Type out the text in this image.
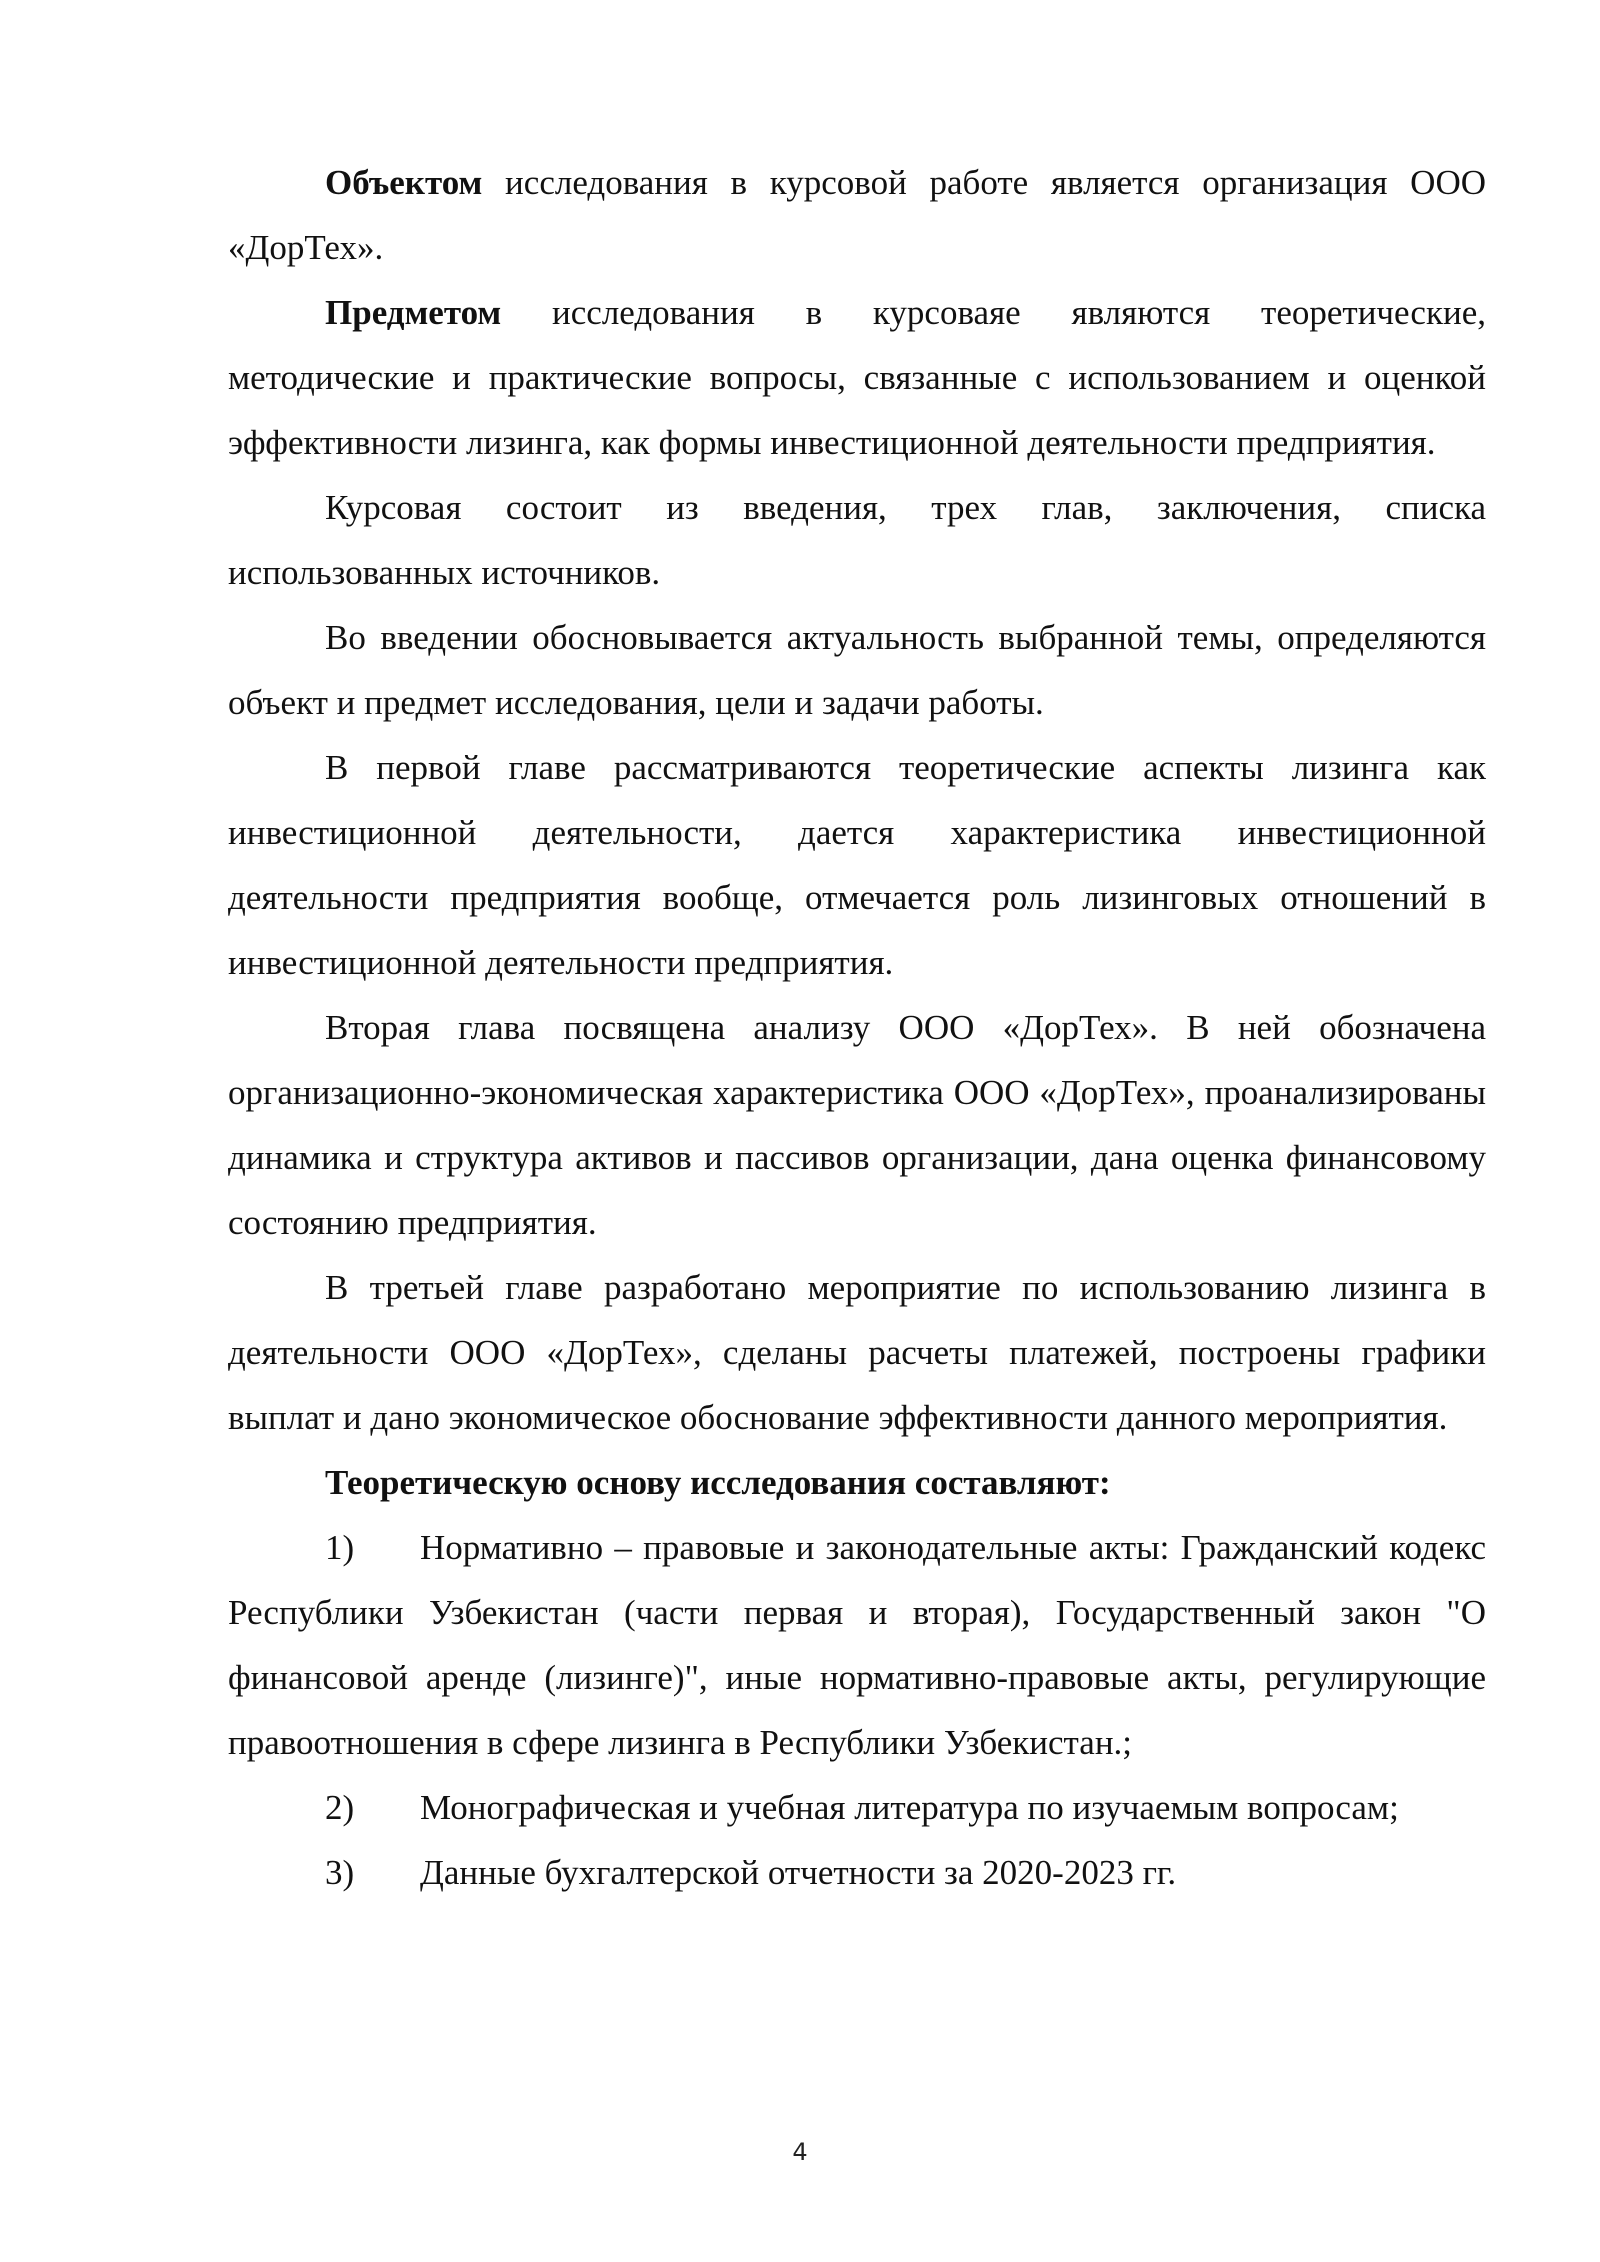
Объектом исследования в курсовой работе является организация ООО «ДорТех».

Предметом исследования в курсоваяе являются теоретические, методические и практические вопросы, связанные с использованием и оценкой эффективности лизинга, как формы инвестиционной деятельности предприятия.

Курсовая состоит из введения, трех глав, заключения, списка использованных источников.

Во введении обосновывается актуальность выбранной темы, определяются объект и предмет исследования, цели и задачи работы.

В первой главе рассматриваются теоретические аспекты лизинга как инвестиционной деятельности, дается характеристика инвестиционной деятельности предприятия вообще, отмечается роль лизинговых отношений в инвестиционной деятельности предприятия.

Вторая глава посвящена анализу ООО «ДорТех». В ней обозначена организационно-экономическая характеристика ООО «ДорТех», проанализированы динамика и структура активов и пассивов организации, дана оценка финансовому состоянию предприятия.

В третьей главе разработано мероприятие по использованию лизинга в деятельности ООО «ДорТех», сделаны расчеты платежей, построены графики выплат и дано экономическое обоснование эффективности данного мероприятия.

Теоретическую основу исследования составляют:

1) Нормативно – правовые и законодательные акты: Гражданский кодекс Республики Узбекистан (части первая и вторая), Государственный закон "О финансовой аренде (лизинге)", иные нормативно-правовые акты, регулирующие правоотношения в сфере лизинга в Республики Узбекистан.;

2) Монографическая и учебная литература по изучаемым вопросам;

3) Данные бухгалтерской отчетности за 2020-2023 гг.

4
